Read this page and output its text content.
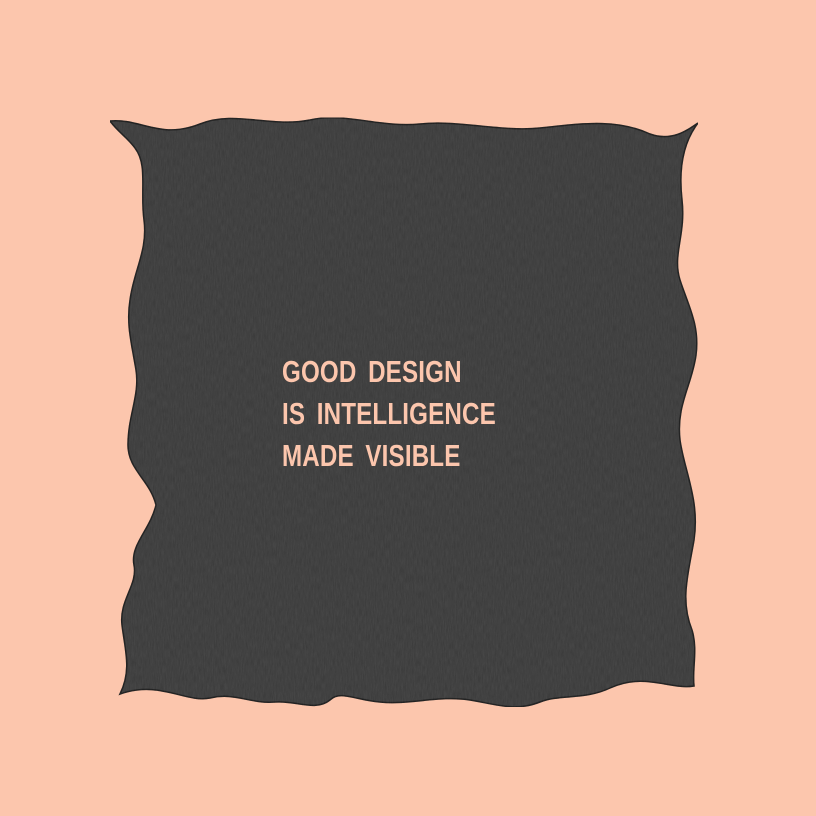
GOOD DESIGN
IS INTELLIGENCE
MADE VISIBLE
